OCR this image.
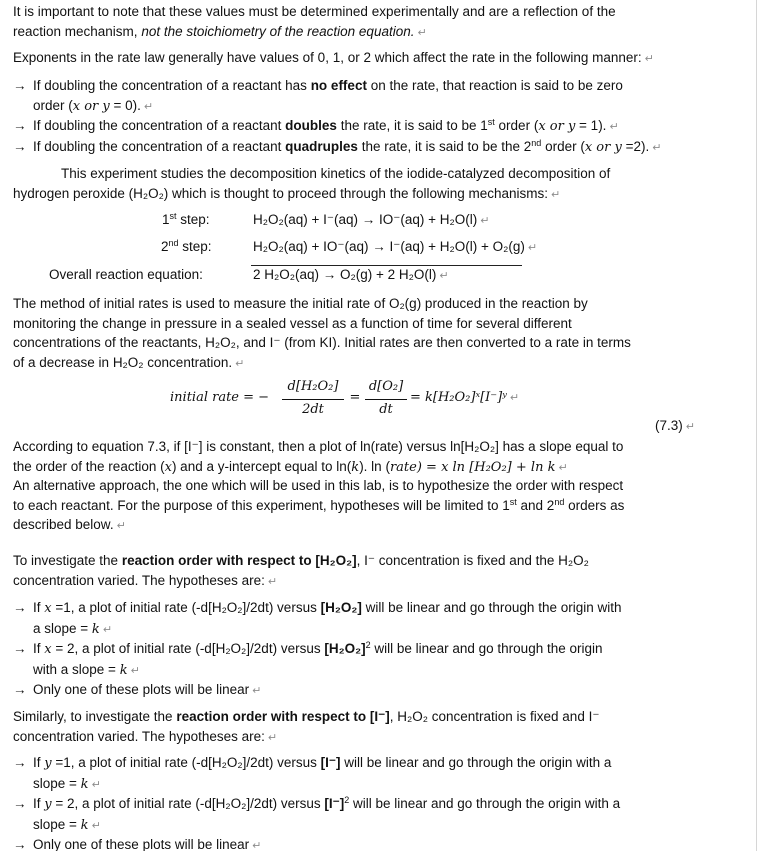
It is important to note that these values must be determined experimentally and are a reflection of the
reaction mechanism, not the stoichiometry of the reaction equation. ↵
Exponents in the rate law generally have values of 0, 1, or 2 which affect the rate in the following manner: ↵
→ If doubling the concentration of a reactant has no effect on the rate, that reaction is said to be zero
order (x or y = 0). ↵
→ If doubling the concentration of a reactant doubles the rate, it is said to be 1st order (x or y = 1). ↵
→ If doubling the concentration of a reactant quadruples the rate, it is said to be the 2nd order (x or y =2). ↵
This experiment studies the decomposition kinetics of the iodide-catalyzed decomposition of
hydrogen peroxide (H₂O₂) which is thought to proceed through the following mechanisms: ↵
1st step:	H₂O₂(aq) + I⁻(aq) → IO⁻(aq) + H₂O(l) ↵
2nd step:	H₂O₂(aq) + IO⁻(aq) → I⁻(aq) + H₂O(l) + O₂(g) ↵
Overall reaction equation:	2 H₂O₂(aq) → O₂(g) + 2 H₂O(l) ↵
The method of initial rates is used to measure the initial rate of O₂(g) produced in the reaction by
monitoring the change in pressure in a sealed vessel as a function of time for several different
concentrations of the reactants, H₂O₂, and I⁻ (from KI). Initial rates are then converted to a rate in terms
of a decrease in H₂O₂ concentration. ↵
initial rate = −
d[H₂O₂]
2dt
=
d[O₂]
dt
= k[H₂O₂]ˣ[I⁻]ʸ ↵
(7.3) ↵
According to equation 7.3, if [I⁻] is constant, then a plot of ln(rate) versus ln[H₂O₂] has a slope equal to
the order of the reaction (x) and a y-intercept equal to ln(k). ln (rate) = x ln [H₂O₂] + ln k ↵
An alternative approach, the one which will be used in this lab, is to hypothesize the order with respect
to each reactant. For the purpose of this experiment, hypotheses will be limited to 1st and 2nd orders as
described below. ↵
To investigate the reaction order with respect to [H₂O₂], I⁻ concentration is fixed and the H₂O₂
concentration varied. The hypotheses are: ↵
→ If x =1, a plot of initial rate (-d[H₂O₂]/2dt) versus [H₂O₂] will be linear and go through the origin with
a slope = k ↵
→ If x = 2, a plot of initial rate (-d[H₂O₂]/2dt) versus $[H_2O_2]^2$ will be linear and go through the origin
with a slope = k ↵
→ Only one of these plots will be linear ↵
Similarly, to investigate the reaction order with respect to [I⁻], H₂O₂ concentration is fixed and I⁻
concentration varied. The hypotheses are: ↵
→ If y =1, a plot of initial rate (-d[H₂O₂]/2dt) versus [I⁻] will be linear and go through the origin with a
slope = k ↵
→ If y = 2, a plot of initial rate (-d[H₂O₂]/2dt) versus $[I^-]^2$ will be linear and go through the origin with a
slope = k ↵
→ Only one of these plots will be linear ↵
